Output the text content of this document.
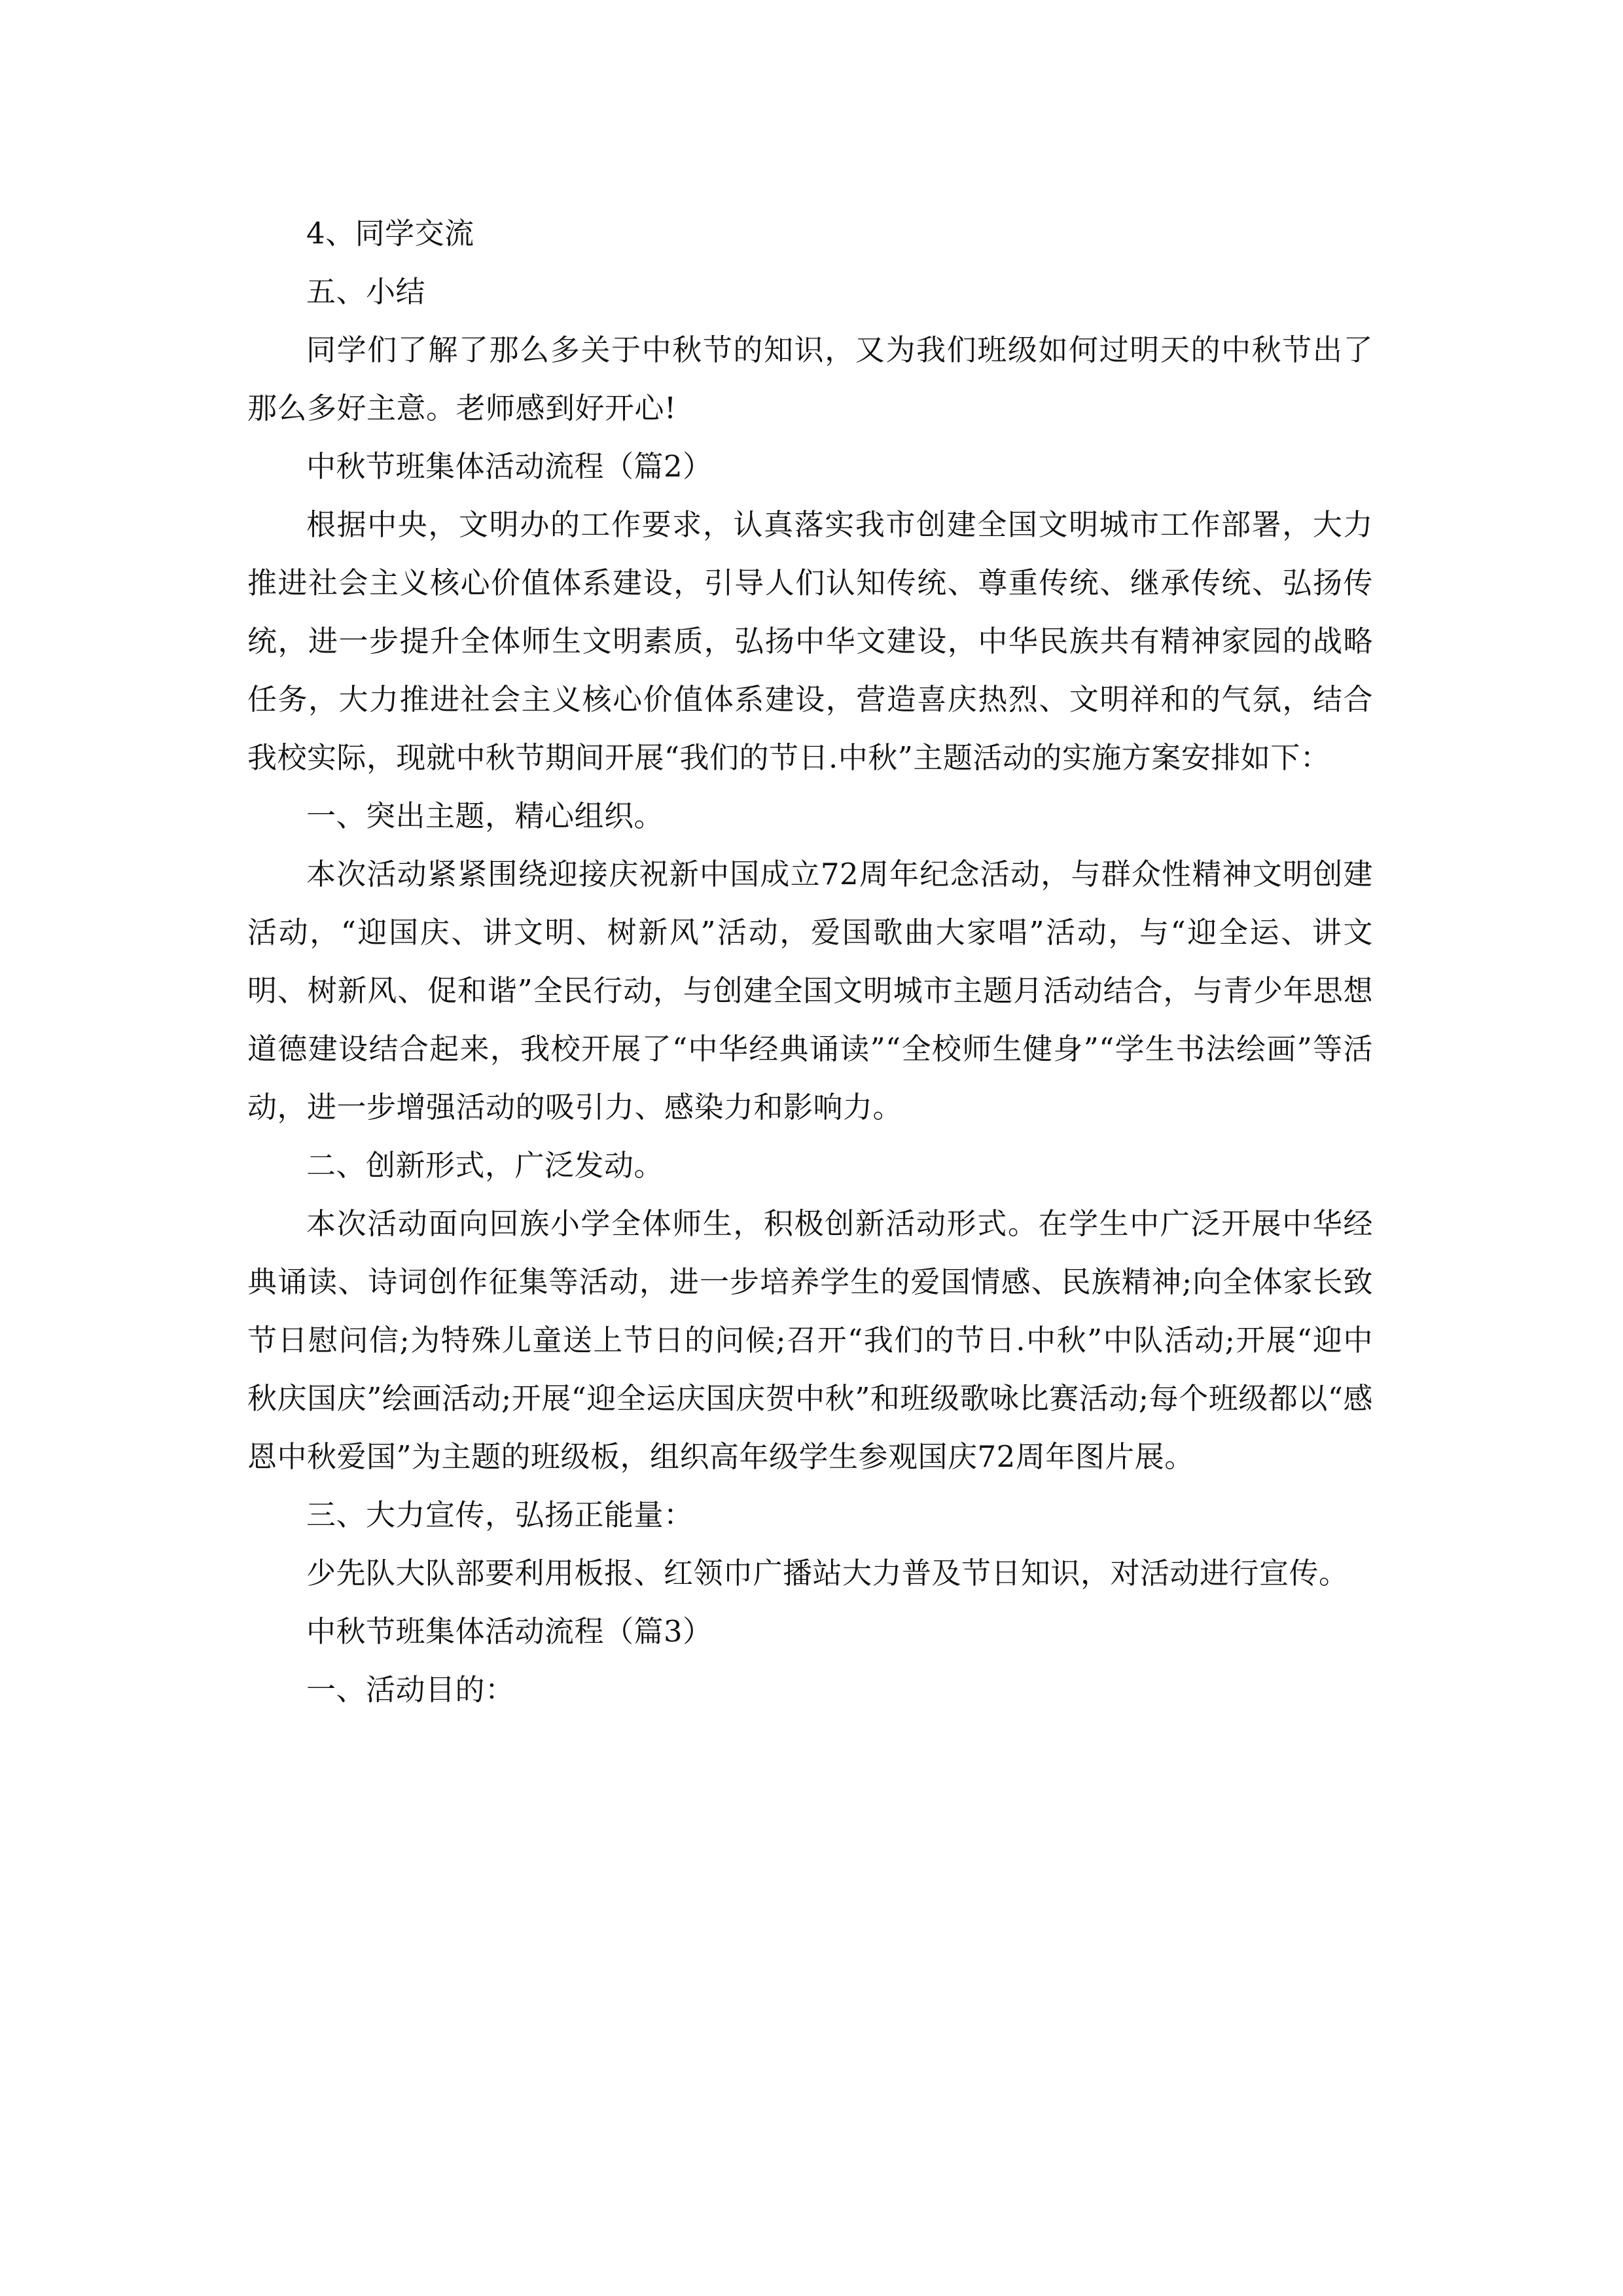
4、同学交流

五、小结

同学们了解了那么多关于中秋节的知识，又为我们班级如何过明天的中秋节出了那么多好主意。老师感到好开心!

中秋节班集体活动流程（篇2）

根据中央，文明办的工作要求，认真落实我市创建全国文明城市工作部署，大力推进社会主义核心价值体系建设，引导人们认知传统、尊重传统、继承传统、弘扬传统，进一步提升全体师生文明素质，弘扬中华文建设，中华民族共有精神家园的战略任务，大力推进社会主义核心价值体系建设，营造喜庆热烈、文明祥和的气氛，结合我校实际，现就中秋节期间开展“我们的节日.中秋”主题活动的实施方案安排如下：

一、突出主题，精心组织。

本次活动紧紧围绕迎接庆祝新中国成立72周年纪念活动，与群众性精神文明创建活动，“迎国庆、讲文明、树新风”活动，爱国歌曲大家唱”活动，与“迎全运、讲文明、树新风、促和谐”全民行动，与创建全国文明城市主题月活动结合，与青少年思想道德建设结合起来，我校开展了“中华经典诵读”“全校师生健身”“学生书法绘画”等活动，进一步增强活动的吸引力、感染力和影响力。

二、创新形式，广泛发动。

本次活动面向回族小学全体师生，积极创新活动形式。在学生中广泛开展中华经典诵读、诗词创作征集等活动，进一步培养学生的爱国情感、民族精神;向全体家长致节日慰问信;为特殊儿童送上节日的问候;召开“我们的节日.中秋”中队活动;开展“迎中秋庆国庆”绘画活动;开展“迎全运庆国庆贺中秋”和班级歌咏比赛活动;每个班级都以“感恩中秋爱国”为主题的班级板，组织高年级学生参观国庆72周年图片展。

三、大力宣传，弘扬正能量：

少先队大队部要利用板报、红领巾广播站大力普及节日知识，对活动进行宣传。

中秋节班集体活动流程（篇3）

一、活动目的：
